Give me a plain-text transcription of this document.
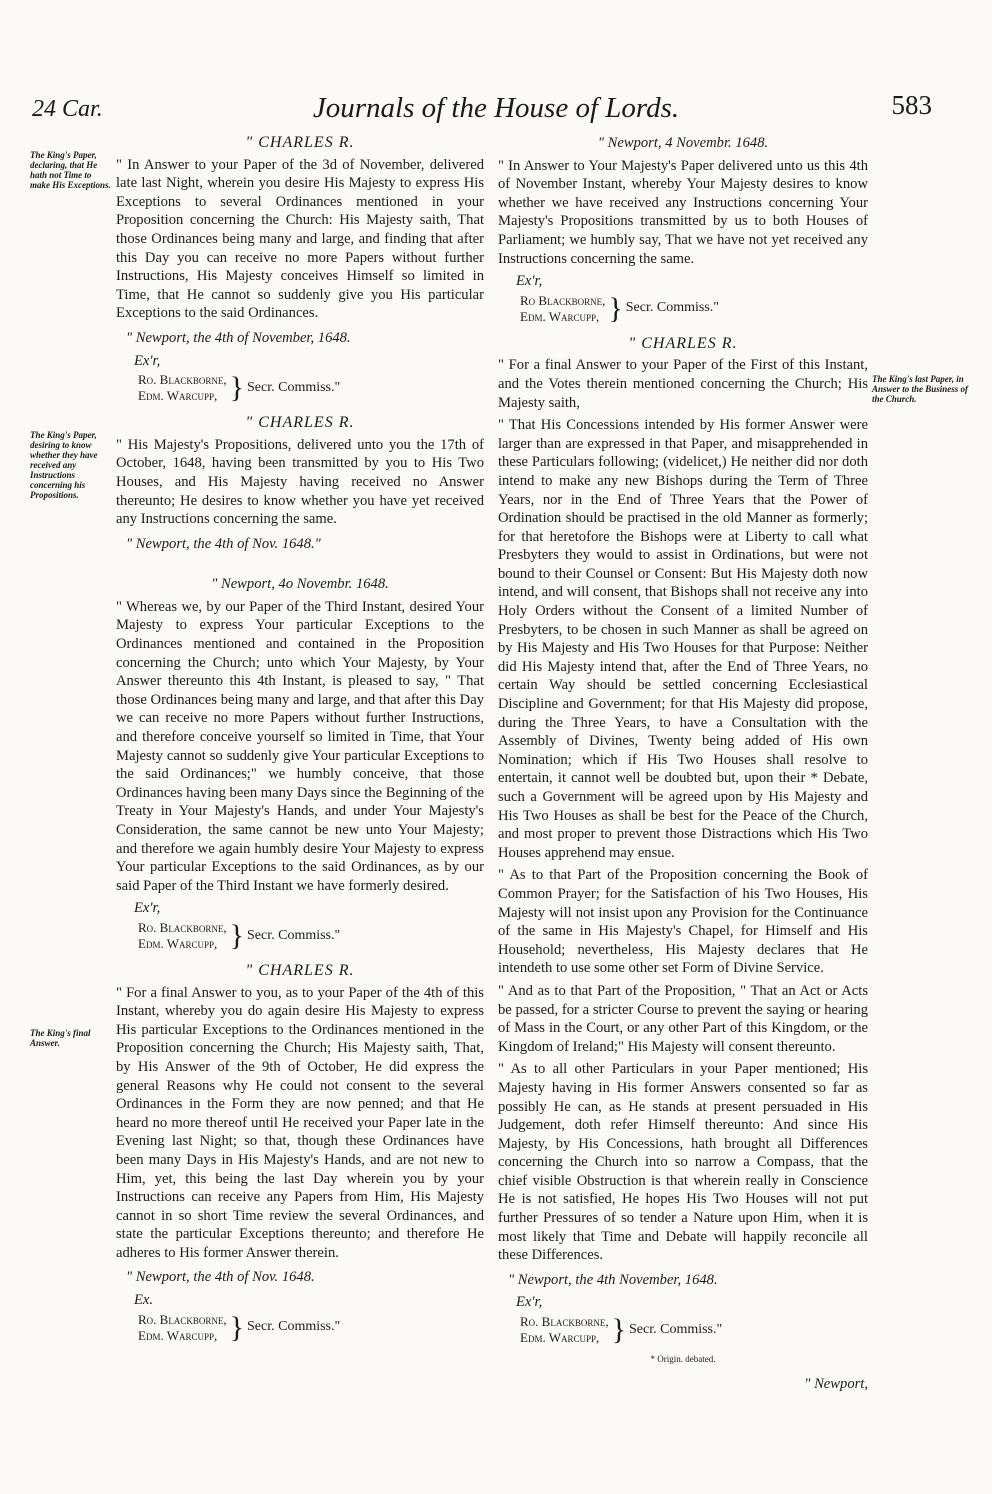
24 Car.	Journals of the House of Lords.	583
The King's Paper, declaring, that He hath not Time to make His Exceptions.
The King's Paper, desiring to know whether they have received any Instructions concerning his Propositions.
The King's final Answer.
The King's last Paper, in Answer to the Business of the Church.
" CHARLES R.

" In Answer to your Paper of the 3d of November, delivered late last Night, wherein you desire His Majesty to express His Exceptions to several Ordinances mentioned in your Proposition concerning the Church: His Majesty saith, That those Ordinances being many and large, and finding that after this Day you can receive no more Papers without further Instructions, His Majesty conceives Himself so limited in Time, that He cannot so suddenly give you His particular Exceptions to the said Ordinances.

" Newport, the 4th of November, 1648.
Ex'r,
Ro. Blackborne,
Edm. Warcupp, } Secr. Commiss."
" CHARLES R.

" His Majesty's Propositions, delivered unto you the 17th of October, 1648, having been transmitted by you to His Two Houses, and His Majesty having received no Answer thereunto; He desires to know whether you have yet received any Instructions concerning the same.

" Newport, the 4th of Nov. 1648."
" Newport, 4o Novembr. 1648.

" Whereas we, by our Paper of the Third Instant, desired Your Majesty to express Your particular Exceptions to the Ordinances mentioned and contained in the Proposition concerning the Church; unto which Your Majesty, by Your Answer thereunto this 4th Instant, is pleased to say, " That those Ordinances being many and large, and that after this Day we can receive no more Papers without further Instructions, and therefore conceive yourself so limited in Time, that Your Majesty cannot so suddenly give Your particular Exceptions to the said Ordinances;" we humbly conceive, that those Ordinances having been many Days since the Beginning of the Treaty in Your Majesty's Hands, and under Your Majesty's Consideration, the same cannot be new unto Your Majesty; and therefore we again humbly desire Your Majesty to express Your particular Exceptions to the said Ordinances, as by our said Paper of the Third Instant we have formerly desired.

Ex'r,
Ro. Blackborne,
Edm. Warcupp, } Secr. Commiss."
" CHARLES R.

" For a final Answer to you, as to your Paper of the 4th of this Instant, whereby you do again desire His Majesty to express His particular Exceptions to the Ordinances mentioned in the Proposition concerning the Church; His Majesty saith, That, by His Answer of the 9th of October, He did express the general Reasons why He could not consent to the several Ordinances in the Form they are now penned; and that He heard no more thereof until He received your Paper late in the Evening last Night; so that, though these Ordinances have been many Days in His Majesty's Hands, and are not new to Him, yet, this being the last Day wherein you by your Instructions can receive any Papers from Him, His Majesty cannot in so short Time review the several Ordinances, and state the particular Exceptions thereunto; and therefore He adheres to His former Answer therein.

" Newport, the 4th of Nov. 1648.
Ex.
Ro. Blackborne,
Edm. Warcupp, } Secr. Commiss."
" Newport, 4 Novembr. 1648.

" In Answer to Your Majesty's Paper delivered unto us this 4th of November Instant, whereby Your Majesty desires to know whether we have received any Instructions concerning Your Majesty's Propositions transmitted by us to both Houses of Parliament; we humbly say, That we have not yet received any Instructions concerning the same.

Ex'r,
Ro Blackborne,
Edm. Warcupp, } Secr. Commiss."
" CHARLES R.

" For a final Answer to your Paper of the First of this Instant, and the Votes therein mentioned concerning the Church; His Majesty saith,

" That His Concessions intended by His former Answer were larger than are expressed in that Paper, and misapprehended in these Particulars following; (videlicet,) He neither did nor doth intend to make any new Bishops during the Term of Three Years, nor in the End of Three Years that the Power of Ordination should be practised in the old Manner as formerly; for that heretofore the Bishops were at Liberty to call what Presbyters they would to assist in Ordinations, but were not bound to their Counsel or Consent: But His Majesty doth now intend, and will consent, that Bishops shall not receive any into Holy Orders without the Consent of a limited Number of Presbyters, to be chosen in such Manner as shall be agreed on by His Majesty and His Two Houses for that Purpose: Neither did His Majesty intend that, after the End of Three Years, no certain Way should be settled concerning Ecclesiastical Discipline and Government; for that His Majesty did propose, during the Three Years, to have a Consultation with the Assembly of Divines, Twenty being added of His own Nomination; which if His Two Houses shall resolve to entertain, it cannot well be doubted but, upon their * Debate, such a Government will be agreed upon by His Majesty and His Two Houses as shall be best for the Peace of the Church, and most proper to prevent those Distractions which His Two Houses apprehend may ensue.

" As to that Part of the Proposition concerning the Book of Common Prayer; for the Satisfaction of his Two Houses, His Majesty will not insist upon any Provision for the Continuance of the same in His Majesty's Chapel, for Himself and His Household; nevertheless, His Majesty declares that He intendeth to use some other set Form of Divine Service.

" And as to that Part of the Proposition, " That an Act or Acts be passed, for a stricter Course to prevent the saying or hearing of Mass in the Court, or any other Part of this Kingdom, or the Kingdom of Ireland;" His Majesty will consent thereunto.

" As to all other Particulars in your Paper mentioned; His Majesty having in His former Answers consented so far as possibly He can, as He stands at present persuaded in His Judgement, doth refer Himself thereunto: And since His Majesty, by His Concessions, hath brought all Differences concerning the Church into so narrow a Compass, that the chief visible Obstruction is that wherein really in Conscience He is not satisfied, He hopes His Two Houses will not put further Pressures of so tender a Nature upon Him, when it is most likely that Time and Debate will happily reconcile all these Differences.

" Newport, the 4th November, 1648.
Ex'r,
Ro. Blackborne,
Edm. Warcupp, } Secr. Commiss."
* Origin. debated.
" Newport,
